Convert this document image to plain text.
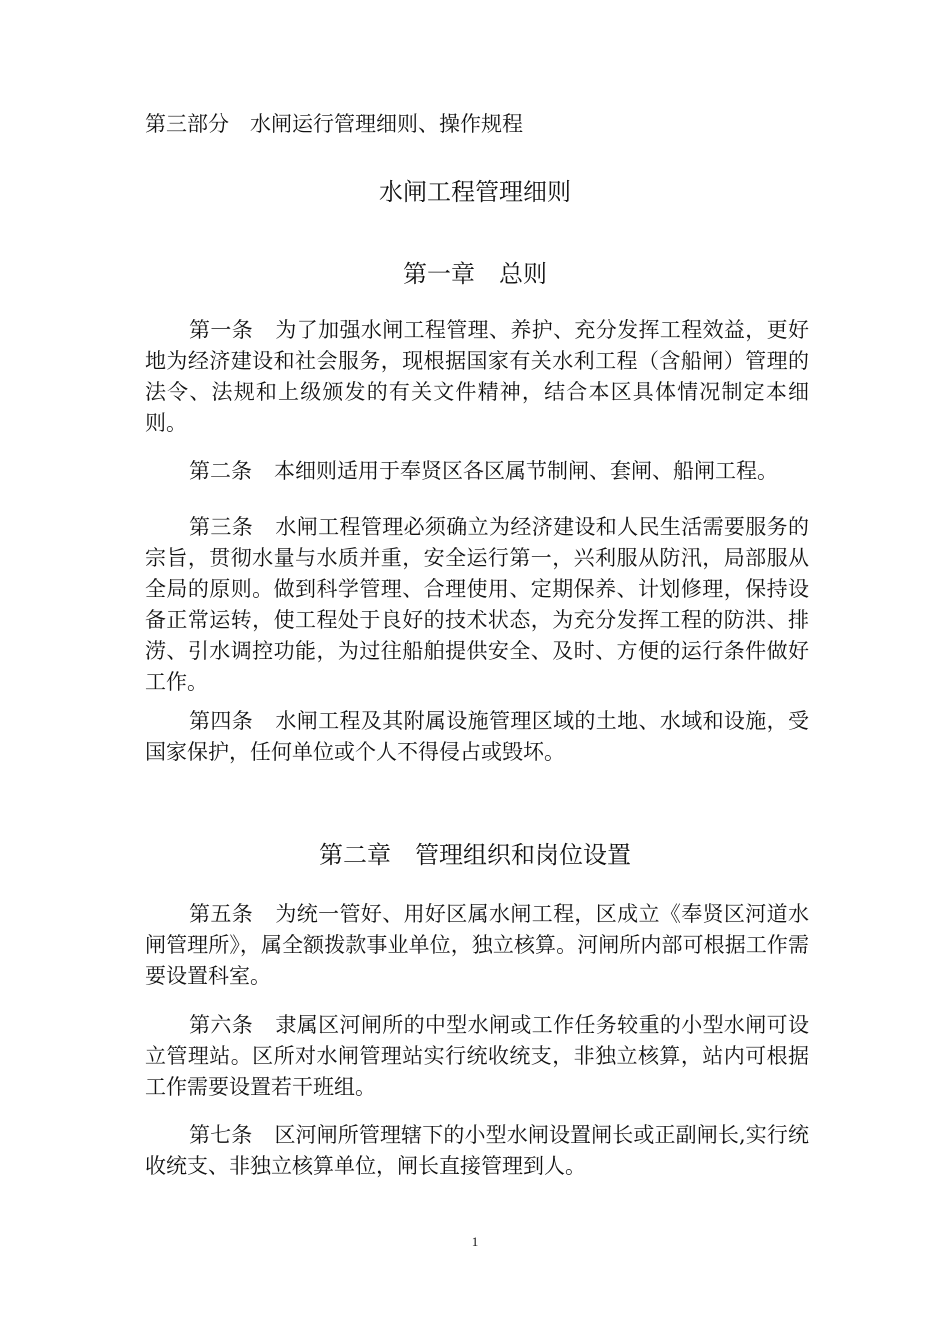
第三部分　水闸运行管理细则、操作规程
水闸工程管理细则
第一章 总则

第一条 为了加强水闸工程管理、养护、充分发挥工程效益，更好地为经济建设和社会服务，现根据国家有关水利工程（含船闸）管理的法令、法规和上级颁发的有关文件精神，结合本区具体情况制定本细则。

第二条 本细则适用于奉贤区各区属节制闸、套闸、船闸工程。

第三条 水闸工程管理必须确立为经济建设和人民生活需要服务的宗旨，贯彻水量与水质并重，安全运行第一，兴利服从防汛，局部服从全局的原则。做到科学管理、合理使用、定期保养、计划修理，保持设备正常运转，使工程处于良好的技术状态，为充分发挥工程的防洪、排涝、引水调控功能，为过往船舶提供安全、及时、方便的运行条件做好工作。

第四条 水闸工程及其附属设施管理区域的土地、水域和设施，受国家保护，任何单位或个人不得侵占或毁坏。

第二章 管理组织和岗位设置

第五条 为统一管好、用好区属水闸工程，区成立《奉贤区河道水闸管理所》，属全额拨款事业单位，独立核算。河闸所内部可根据工作需要设置科室。

第六条 隶属区河闸所的中型水闸或工作任务较重的小型水闸可设立管理站。区所对水闸管理站实行统收统支，非独立核算，站内可根据工作需要设置若干班组。

第七条 区河闸所管理辖下的小型水闸设置闸长或正副闸长,实行统收统支、非独立核算单位，闸长直接管理到人。

1
